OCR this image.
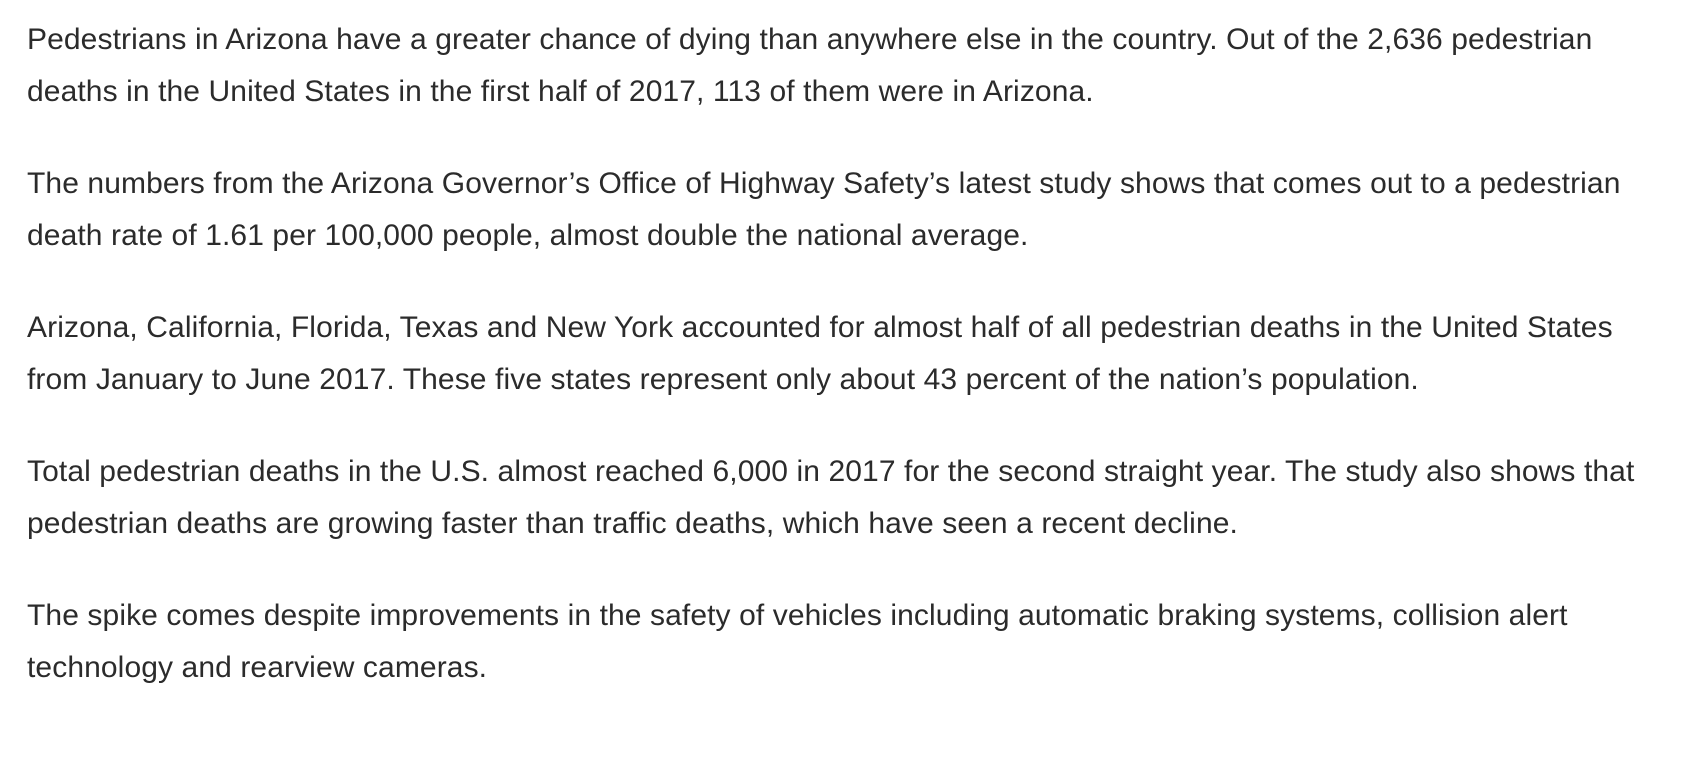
Pedestrians in Arizona have a greater chance of dying than anywhere else in the country. Out of the 2,636 pedestrian deaths in the United States in the first half of 2017, 113 of them were in Arizona.

The numbers from the Arizona Governor’s Office of Highway Safety’s latest study shows that comes out to a pedestrian death rate of 1.61 per 100,000 people, almost double the national average.

Arizona, California, Florida, Texas and New York accounted for almost half of all pedestrian deaths in the United States from January to June 2017. These five states represent only about 43 percent of the nation’s population.

Total pedestrian deaths in the U.S. almost reached 6,000 in 2017 for the second straight year. The study also shows that pedestrian deaths are growing faster than traffic deaths, which have seen a recent decline.

The spike comes despite improvements in the safety of vehicles including automatic braking systems, collision alert technology and rearview cameras.
